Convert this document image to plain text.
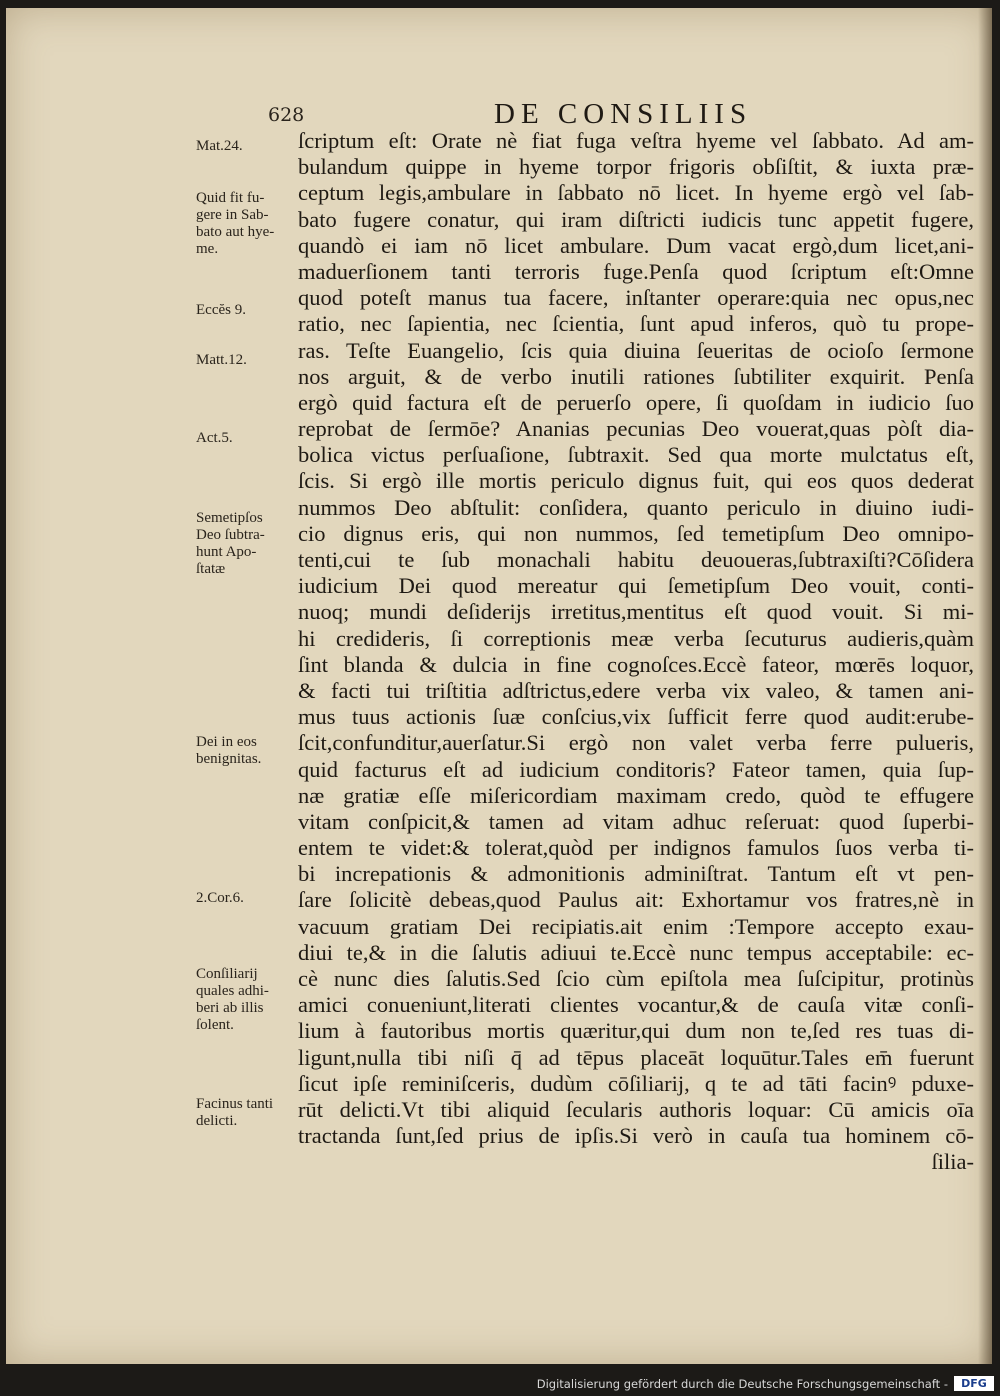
628	DE CONSILIIS
Mat.24.
Quid fit fu-
gere in Sab-
bato aut hye-
me.
Eccĕs 9.
Matt.12.
Act.5.
Semetipſos
Deo ſubtra-
hunt Apo-
ſtatæ
Dei in eos
benignitas.
2.Cor.6.
Conſiliarij
quales adhi-
beri ab illis
ſolent.
Facinus tanti
delicti.
ſcriptum eſt: Orate nè fiat fuga veſtra hyeme vel ſabbato. Ad am-
bulandum quippe in hyeme torpor frigoris obſiſtit, & iuxta præ-
ceptum legis,ambulare in ſabbato nō licet. In hyeme ergò vel ſab-
bato fugere conatur, qui iram diſtricti iudicis tunc appetit fugere,
quandò ei iam nō licet ambulare. Dum vacat ergò,dum licet,ani-
maduerſionem tanti terroris fuge.Penſa quod ſcriptum eſt:Omne
quod poteſt manus tua facere, inſtanter operare:quia nec opus,nec
ratio, nec ſapientia, nec ſcientia, ſunt apud inferos, quò tu prope-
ras. Teſte Euangelio, ſcis quia diuina ſeueritas de ocioſo ſermone
nos arguit, & de verbo inutili rationes ſubtiliter exquirit. Penſa
ergò quid factura eſt de peruerſo opere, ſi quoſdam in iudicio ſuo
reprobat de ſermōe? Ananias pecunias Deo vouerat,quas pòſt dia-
bolica victus perſuaſione, ſubtraxit. Sed qua morte mulctatus eſt,
ſcis. Si ergò ille mortis periculo dignus fuit, qui eos quos dederat
nummos Deo abſtulit: conſidera, quanto periculo in diuino iudi-
cio dignus eris, qui non nummos, ſed temetipſum Deo omnipo-
tenti,cui te ſub monachali habitu deuoueras,ſubtraxiſti?Cōſidera
iudicium Dei quod mereatur qui ſemetipſum Deo vouit, conti-
nuoq; mundi deſiderijs irretitus,mentitus eſt quod vouit. Si mi-
hi credideris, ſi correptionis meæ verba ſecuturus audieris,quàm
ſint blanda & dulcia in fine cognoſces.Eccè fateor, mœrēs loquor,
& facti tui triſtitia adſtrictus,edere verba vix valeo, & tamen ani-
mus tuus actionis ſuæ conſcius,vix ſufficit ferre quod audit:erube-
ſcit,confunditur,auerſatur.Si ergò non valet verba ferre pulueris,
quid facturus eſt ad iudicium conditoris? Fateor tamen, quia ſup-
næ gratiæ eſſe miſericordiam maximam credo, quòd te effugere
vitam conſpicit,& tamen ad vitam adhuc reſeruat: quod ſuperbi-
entem te videt:& tolerat,quòd per indignos famulos ſuos verba ti-
bi increpationis & admonitionis adminiſtrat. Tantum eſt vt pen-
ſare ſolicitè debeas,quod Paulus ait: Exhortamur vos fratres,nè in
vacuum gratiam Dei recipiatis.ait enim :Tempore accepto exau-
diui te,& in die ſalutis adiuui te.Eccè nunc tempus acceptabile: ec-
cè nunc dies ſalutis.Sed ſcio cùm epiſtola mea ſuſcipitur, protinùs
amici conueniunt,literati clientes vocantur,& de cauſa vitæ conſi-
lium à fautoribus mortis quæritur,qui dum non te,ſed res tuas di-
ligunt,nulla tibi niſi q̄ ad tēpus placeāt loquūtur.Tales em̄ fuerunt
ſicut ipſe reminiſceris, dudùm cōſiliarij, q te ad tāti facinꝰ pduxe-
rūt delicti.Vt tibi aliquid ſecularis authoris loquar: Cū amicis oīa
tractanda ſunt,ſed prius de ipſis.Si verò in cauſa tua hominem cō-
ſilia-
Digitalisierung gefördert durch die Deutsche Forschungsgemeinschaft -	DFG
